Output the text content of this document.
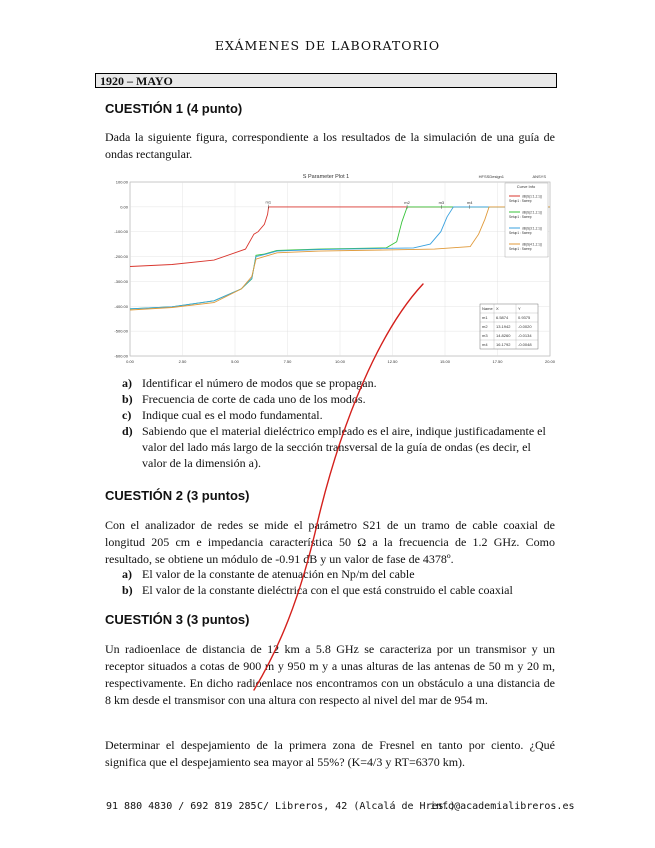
EXÁMENES DE LABORATORIO
1920 – MAYO
CUESTIÓN 1 (4 punto)
Dada la siguiente figura, correspondiente a los resultados de la simulación de una guía de ondas rectangular.
S Parameter Plot 1	HFSSDesign1	ANSYS
100.00
0.00
-100.00
-200.00
-300.00
-400.00
-500.00
-600.00
0.00	2.50	5.00	7.50	10.00	12.50	15.00	17.50	20.00
m1	m2	m3	m4
Curve Info
dB(S(1:1,1:1))
Setup1 : Sweep
dB(S(2:1,1:1))
Setup1 : Sweep
dB(S(3:1,1:1))
Setup1 : Sweep
dB(S(4:1,1:1))
Setup1 : Sweep
Name X	Y
m1 6.5874 0.9375
m2 13.1942 -0.0020
m3 14.8260 -0.0134
m4 16.1792 -0.0048
a) Identificar el número de modos que se propagan.
b) Frecuencia de corte de cada uno de los modos.
c) Indique cual es el modo fundamental.
d) Sabiendo que el material dieléctrico empleado es el aire, indique justificadamente el valor del lado más largo de la sección transversal de la guía de ondas (es decir, el valor de la dimensión a).
CUESTIÓN 2 (3 puntos)
Con el analizador de redes se mide el parámetro S21 de un tramo de cable coaxial de longitud 205 cm e impedancia característica 50 Ω a la frecuencia de 1.2 GHz. Como resultado, se obtiene un módulo de -0.91 dB y un valor de fase de 4378º.
a) El valor de la constante de atenuación en Np/m del cable
b) El valor de la constante dieléctrica con el que está construido el cable coaxial
CUESTIÓN 3 (3 puntos)
Un radioenlace de distancia de 12 km a 5.8 GHz se caracteriza por un transmisor y un receptor situados a cotas de 900 m y 950 m y a unas alturas de las antenas de 50 m y 20 m, respectivamente. En dicho radioenlace nos encontramos con un obstáculo a una distancia de 8 km desde el transmisor con una altura con respecto al nivel del mar de 954 m.
Determinar el despejamiento de la primera zona de Fresnel en tanto por ciento. ¿Qué significa que el despejamiento sea mayor al 55%? (K=4/3 y RT=6370 km).
91 880 4830 / 692 819 285 C/ Libreros, 42 (Alcalá de Hres.)
info@academialibreros.es
